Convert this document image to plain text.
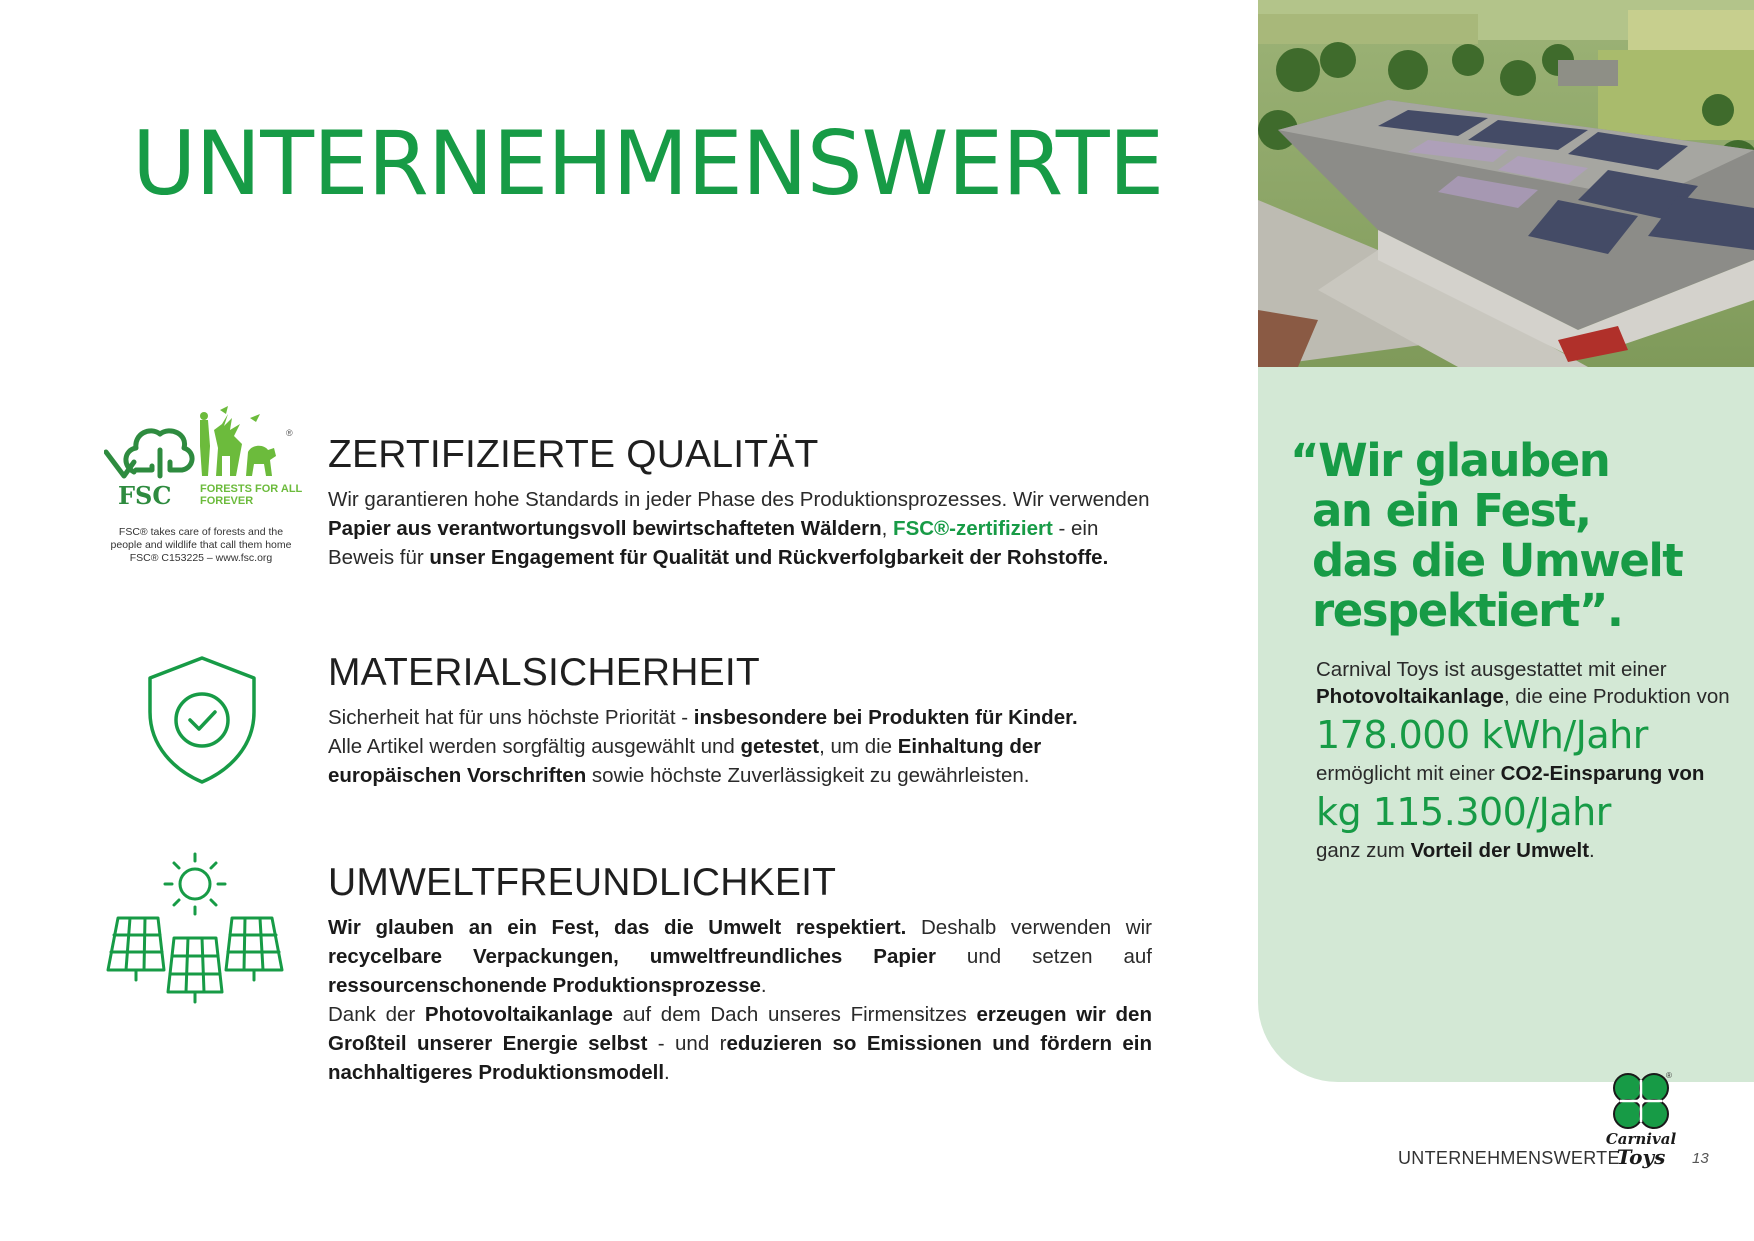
UNTERNEHMENSWERTE
FSC	FORESTS FOR ALL
FOREVER
®
FSC® takes care of forests and the
people and wildlife that call them home
FSC® C153225 – www.fsc.org
ZERTIFIZIERTE QUALITÄT

Wir garantieren hohe Standards in jeder Phase des Produktionsprozesses. Wir verwenden Papier aus verantwortungsvoll bewirtschafteten Wäldern, FSC®-zertifiziert - ein Beweis für unser Engagement für Qualität und Rückverfolgbarkeit der Rohstoffe.

MATERIALSICHERHEIT

Sicherheit hat für uns höchste Priorität - insbesondere bei Produkten für Kinder.
Alle Artikel werden sorgfältig ausgewählt und getestet, um die Einhaltung der europäischen Vorschriften sowie höchste Zuverlässigkeit zu gewährleisten.

UMWELTFREUNDLICHKEIT

Wir glauben an ein Fest, das die Umwelt respektiert. Deshalb verwenden wir recycelbare Verpackungen, umweltfreundliches Papier und setzen auf ressourcenschonende Produktionsprozesse.
Dank der Photovoltaikanlage auf dem Dach unseres Firmensitzes erzeugen wir den Großteil unserer Energie selbst - und reduzieren so Emissionen und fördern ein nachhaltigeres Produktionsmodell.

“Wir glauben
an ein Fest,
das die Umwelt
respektiert”.
Carnival Toys ist ausgestattet mit einer Photovoltaikanlage, die eine Produktion von
178.000 kWh/Jahr
ermöglicht mit einer CO2-Einsparung von
kg 115.300/Jahr
ganz zum Vorteil der Umwelt.
UNTERNEHMENSWERTE
®
Carnival
Toys 13
